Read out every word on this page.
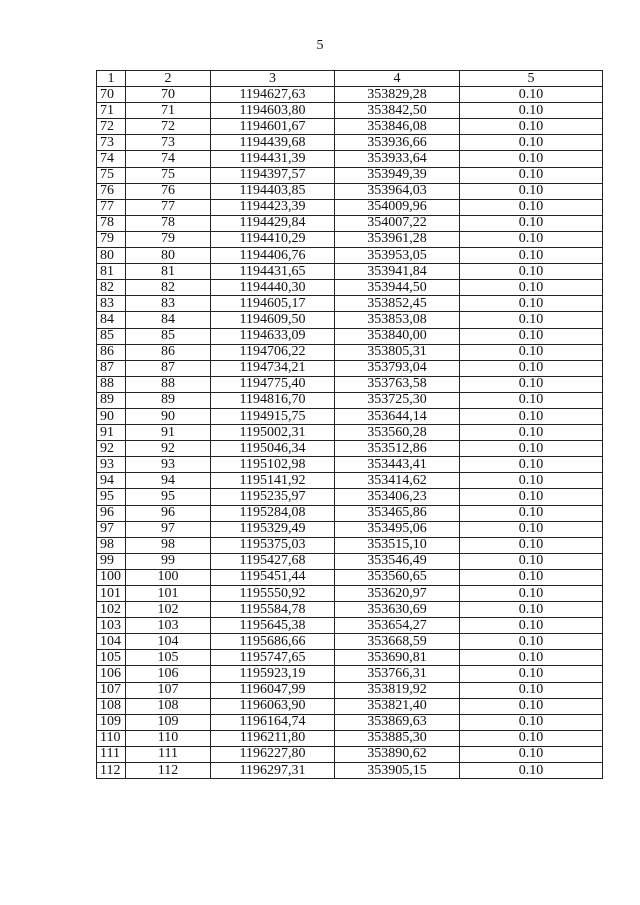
5
1	2	3	4	5
70	70	1194627,63	353829,28	0.10
71	71	1194603,80	353842,50	0.10
72	72	1194601,67	353846,08	0.10
73	73	1194439,68	353936,66	0.10
74	74	1194431,39	353933,64	0.10
75	75	1194397,57	353949,39	0.10
76	76	1194403,85	353964,03	0.10
77	77	1194423,39	354009,96	0.10
78	78	1194429,84	354007,22	0.10
79	79	1194410,29	353961,28	0.10
80	80	1194406,76	353953,05	0.10
81	81	1194431,65	353941,84	0.10
82	82	1194440,30	353944,50	0.10
83	83	1194605,17	353852,45	0.10
84	84	1194609,50	353853,08	0.10
85	85	1194633,09	353840,00	0.10
86	86	1194706,22	353805,31	0.10
87	87	1194734,21	353793,04	0.10
88	88	1194775,40	353763,58	0.10
89	89	1194816,70	353725,30	0.10
90	90	1194915,75	353644,14	0.10
91	91	1195002,31	353560,28	0.10
92	92	1195046,34	353512,86	0.10
93	93	1195102,98	353443,41	0.10
94	94	1195141,92	353414,62	0.10
95	95	1195235,97	353406,23	0.10
96	96	1195284,08	353465,86	0.10
97	97	1195329,49	353495,06	0.10
98	98	1195375,03	353515,10	0.10
99	99	1195427,68	353546,49	0.10
100	100	1195451,44	353560,65	0.10
101	101	1195550,92	353620,97	0.10
102	102	1195584,78	353630,69	0.10
103	103	1195645,38	353654,27	0.10
104	104	1195686,66	353668,59	0.10
105	105	1195747,65	353690,81	0.10
106	106	1195923,19	353766,31	0.10
107	107	1196047,99	353819,92	0.10
108	108	1196063,90	353821,40	0.10
109	109	1196164,74	353869,63	0.10
110	110	1196211,80	353885,30	0.10
111	111	1196227,80	353890,62	0.10
112	112	1196297,31	353905,15	0.10
